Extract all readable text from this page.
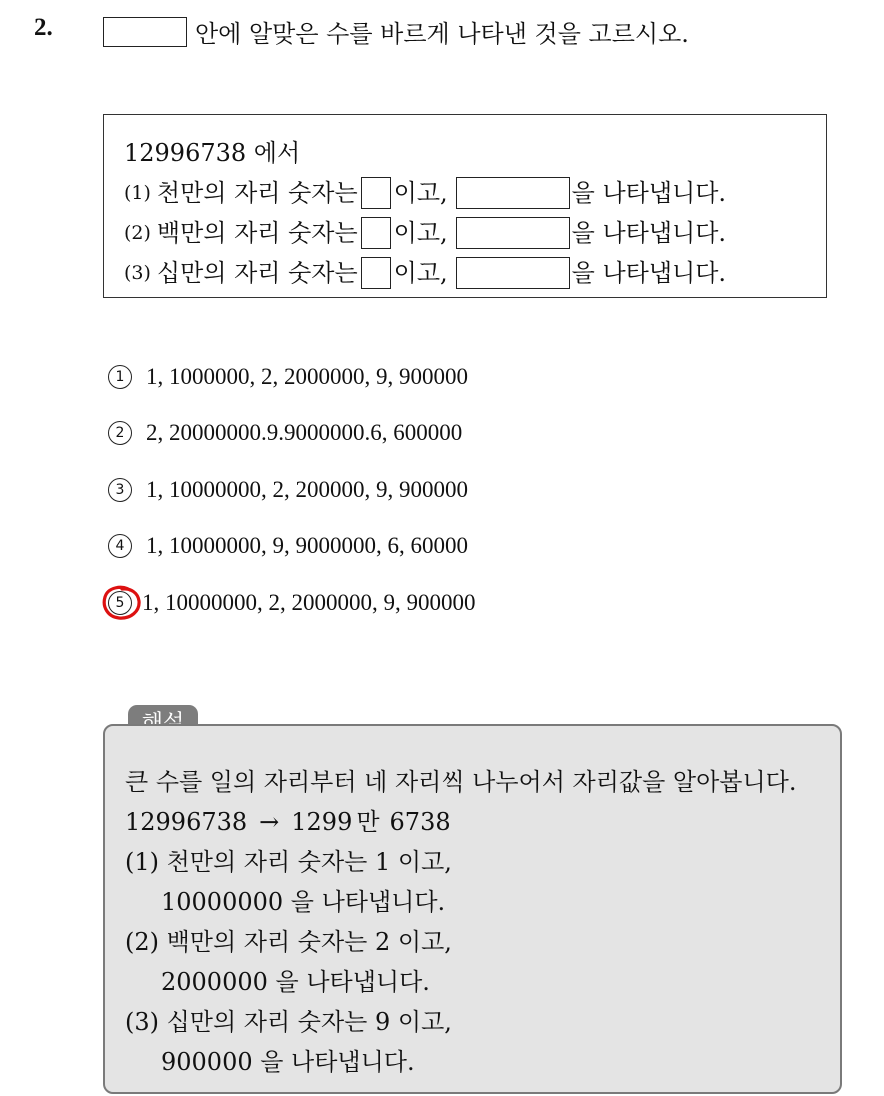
2.	안에 알맞은 수를 바르게 나타낸 것을 고르시오.
12996738 에서
(1) 천만의 자리 숫자는 이고,	을 나타냅니다.
(2) 백만의 자리 숫자는 이고,	을 나타냅니다.
(3) 십만의 자리 숫자는 이고,	을 나타냅니다.
1 1, 1000000, 2, 2000000, 9, 900000
2 2, 20000000.9.9000000.6, 600000
3 1, 10000000, 2, 200000, 9, 900000
4 1, 10000000, 9, 9000000, 6, 60000
5 1, 10000000, 2, 2000000, 9, 900000
큰 수를 일의 자리부터 네 자리씩 나누어서 자리값을 알아봅니다.
12996738 → 1299 만 6738
(1) 천만의 자리 숫자는 1 이고,
10000000 을 나타냅니다.
(2) 백만의 자리 숫자는 2 이고,
2000000 을 나타냅니다.
(3) 십만의 자리 숫자는 9 이고,
900000 을 나타냅니다.
